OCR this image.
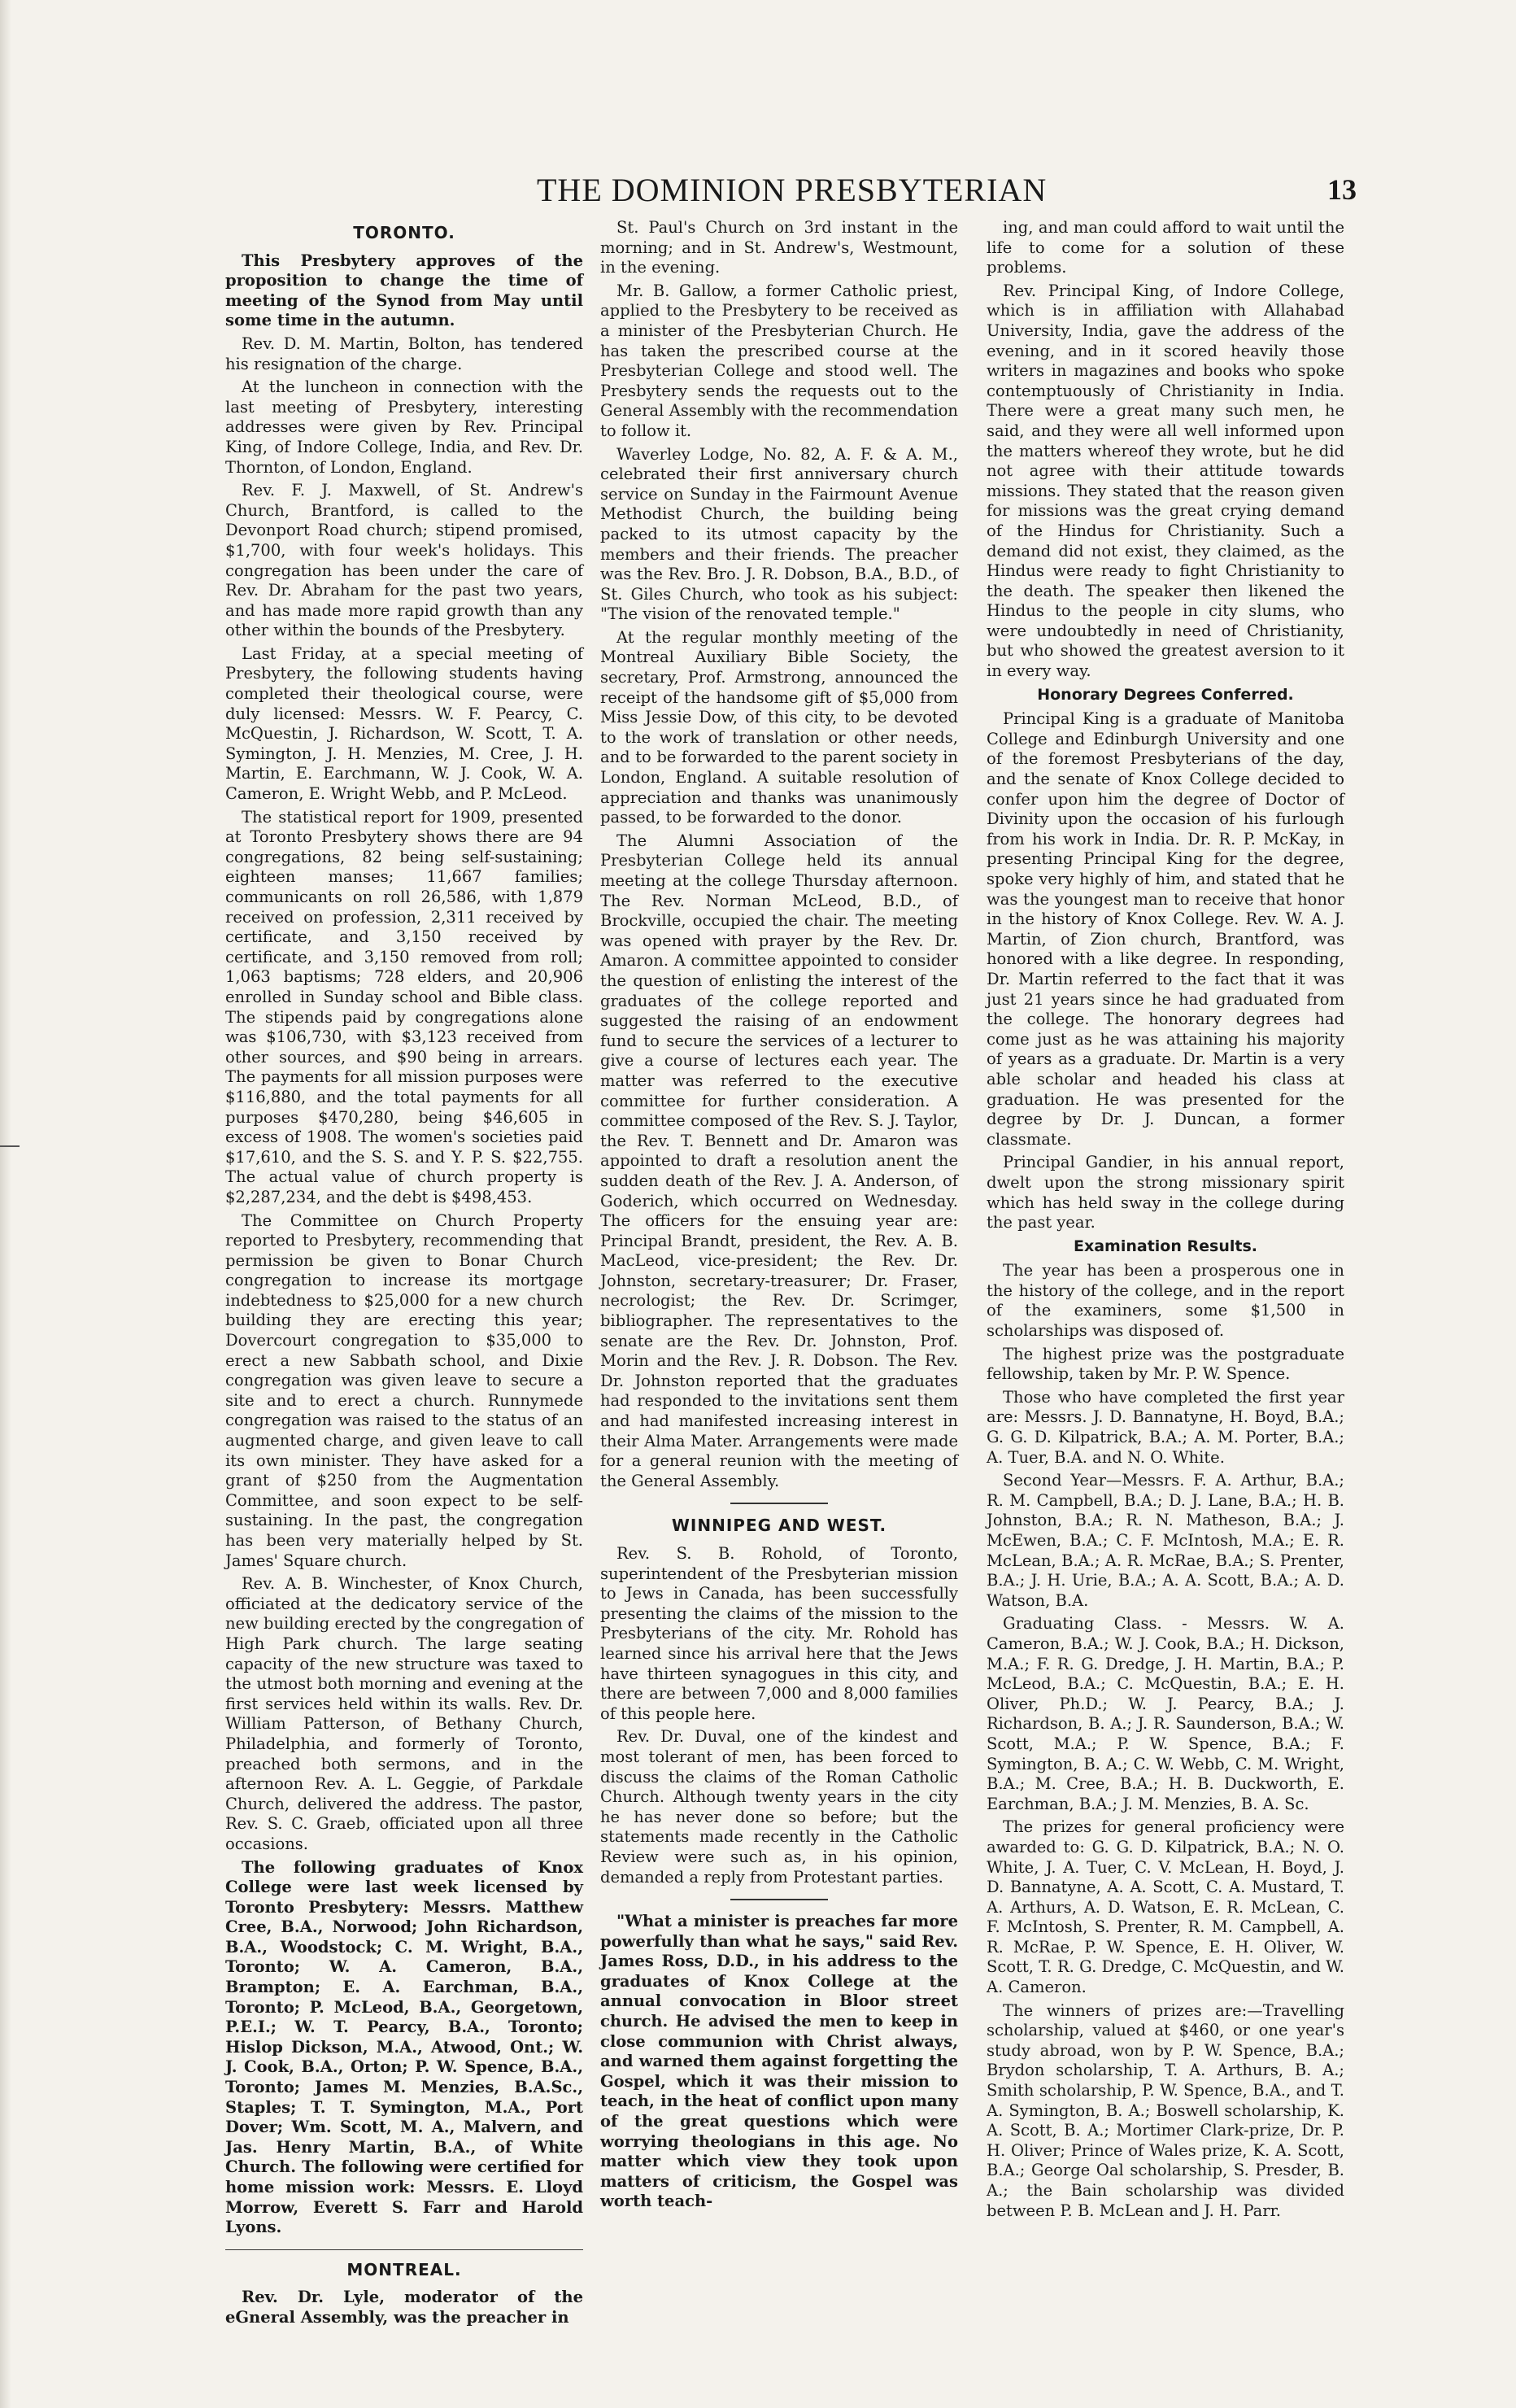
THE DOMINION PRESBYTERIAN	13
TORONTO.

This Presbytery approves of the proposition to change the time of meeting of the Synod from May until some time in the autumn.

Rev. D. M. Martin, Bolton, has tendered his resignation of the charge.

At the luncheon in connection with the last meeting of Presbytery, interesting addresses were given by Rev. Principal King, of Indore College, India, and Rev. Dr. Thornton, of London, England.

Rev. F. J. Maxwell, of St. Andrew's Church, Brantford, is called to the Devonport Road church; stipend promised, $1,700, with four week's holidays. This congregation has been under the care of Rev. Dr. Abraham for the past two years, and has made more rapid growth than any other within the bounds of the Presbytery.

Last Friday, at a special meeting of Presbytery, the following students having completed their theological course, were duly licensed: Messrs. W. F. Pearcy, C. McQuestin, J. Richardson, W. Scott, T. A. Symington, J. H. Menzies, M. Cree, J. H. Martin, E. Earchmann, W. J. Cook, W. A. Cameron, E. Wright Webb, and P. McLeod.

The statistical report for 1909, presented at Toronto Presbytery shows there are 94 congregations, 82 being self-sustaining; eighteen manses; 11,667 families; communicants on roll 26,586, with 1,879 received on profession, 2,311 received by certificate, and 3,150 received by certificate, and 3,150 removed from roll; 1,063 baptisms; 728 elders, and 20,906 enrolled in Sunday school and Bible class. The stipends paid by congregations alone was $106,730, with $3,123 received from other sources, and $90 being in arrears. The payments for all mission purposes were $116,880, and the total payments for all purposes $470,280, being $46,605 in excess of 1908. The women's societies paid $17,610, and the S. S. and Y. P. S. $22,755. The actual value of church property is $2,287,234, and the debt is $498,453.

The Committee on Church Property reported to Presbytery, recommending that permission be given to Bonar Church congregation to increase its mortgage indebtedness to $25,000 for a new church building they are erecting this year; Dovercourt congregation to $35,000 to erect a new Sabbath school, and Dixie congregation was given leave to secure a site and to erect a church. Runnymede congregation was raised to the status of an augmented charge, and given leave to call its own minister. They have asked for a grant of $250 from the Augmentation Committee, and soon expect to be self-sustaining. In the past, the congregation has been very materially helped by St. James' Square church.

Rev. A. B. Winchester, of Knox Church, officiated at the dedicatory service of the new building erected by the congregation of High Park church. The large seating capacity of the new structure was taxed to the utmost both morning and evening at the first services held within its walls. Rev. Dr. William Patterson, of Bethany Church, Philadelphia, and formerly of Toronto, preached both sermons, and in the afternoon Rev. A. L. Geggie, of Parkdale Church, delivered the address. The pastor, Rev. S. C. Graeb, officiated upon all three occasions.

The following graduates of Knox College were last week licensed by Toronto Presbytery: Messrs. Matthew Cree, B.A., Norwood; John Richardson, B.A., Woodstock; C. M. Wright, B.A., Toronto; W. A. Cameron, B.A., Brampton; E. A. Earchman, B.A., Toronto; P. McLeod, B.A., Georgetown, P.E.I.; W. T. Pearcy, B.A., Toronto; Hislop Dickson, M.A., Atwood, Ont.; W. J. Cook, B.A., Orton; P. W. Spence, B.A., Toronto; James M. Menzies, B.A.Sc., Staples; T. T. Symington, M.A., Port Dover; Wm. Scott, M. A., Malvern, and Jas. Henry Martin, B.A., of White Church. The following were certified for home mission work: Messrs. E. Lloyd Morrow, Everett S. Farr and Harold Lyons.

MONTREAL.

Rev. Dr. Lyle, moderator of the eGneral Assembly, was the preacher in

St. Paul's Church on 3rd instant in the morning; and in St. Andrew's, Westmount, in the evening.

Mr. B. Gallow, a former Catholic priest, applied to the Presbytery to be received as a minister of the Presbyterian Church. He has taken the prescribed course at the Presbyterian College and stood well. The Presbytery sends the requests out to the General Assembly with the recommendation to follow it.

Waverley Lodge, No. 82, A. F. & A. M., celebrated their first anniversary church service on Sunday in the Fairmount Avenue Methodist Church, the building being packed to its utmost capacity by the members and their friends. The preacher was the Rev. Bro. J. R. Dobson, B.A., B.D., of St. Giles Church, who took as his subject: "The vision of the renovated temple."

At the regular monthly meeting of the Montreal Auxiliary Bible Society, the secretary, Prof. Armstrong, announced the receipt of the handsome gift of $5,000 from Miss Jessie Dow, of this city, to be devoted to the work of translation or other needs, and to be forwarded to the parent society in London, England. A suitable resolution of appreciation and thanks was unanimously passed, to be forwarded to the donor.

The Alumni Association of the Presbyterian College held its annual meeting at the college Thursday afternoon. The Rev. Norman McLeod, B.D., of Brockville, occupied the chair. The meeting was opened with prayer by the Rev. Dr. Amaron. A committee appointed to consider the question of enlisting the interest of the graduates of the college reported and suggested the raising of an endowment fund to secure the services of a lecturer to give a course of lectures each year. The matter was referred to the executive committee for further consideration. A committee composed of the Rev. S. J. Taylor, the Rev. T. Bennett and Dr. Amaron was appointed to draft a resolution anent the sudden death of the Rev. J. A. Anderson, of Goderich, which occurred on Wednesday. The officers for the ensuing year are: Principal Brandt, president, the Rev. A. B. MacLeod, vice-president; the Rev. Dr. Johnston, secretary-treasurer; Dr. Fraser, necrologist; the Rev. Dr. Scrimger, bibliographer. The representatives to the senate are the Rev. Dr. Johnston, Prof. Morin and the Rev. J. R. Dobson. The Rev. Dr. Johnston reported that the graduates had responded to the invitations sent them and had manifested increasing interest in their Alma Mater. Arrangements were made for a general reunion with the meeting of the General Assembly.

WINNIPEG AND WEST.

Rev. S. B. Rohold, of Toronto, superintendent of the Presbyterian mission to Jews in Canada, has been successfully presenting the claims of the mission to the Presbyterians of the city. Mr. Rohold has learned since his arrival here that the Jews have thirteen synagogues in this city, and there are between 7,000 and 8,000 families of this people here.

Rev. Dr. Duval, one of the kindest and most tolerant of men, has been forced to discuss the claims of the Roman Catholic Church. Although twenty years in the city he has never done so before; but the statements made recently in the Catholic Review were such as, in his opinion, demanded a reply from Protestant parties.

"What a minister is preaches far more powerfully than what he says," said Rev. James Ross, D.D., in his address to the graduates of Knox College at the annual convocation in Bloor street church. He advised the men to keep in close communion with Christ always, and warned them against forgetting the Gospel, which it was their mission to teach, in the heat of conflict upon many of the great questions which were worrying theologians in this age. No matter which view they took upon matters of criticism, the Gospel was worth teach-

ing, and man could afford to wait until the life to come for a solution of these problems.

Rev. Principal King, of Indore College, which is in affiliation with Allahabad University, India, gave the address of the evening, and in it scored heavily those writers in magazines and books who spoke contemptuously of Christianity in India. There were a great many such men, he said, and they were all well informed upon the matters whereof they wrote, but he did not agree with their attitude towards missions. They stated that the reason given for missions was the great crying demand of the Hindus for Christianity. Such a demand did not exist, they claimed, as the Hindus were ready to fight Christianity to the death. The speaker then likened the Hindus to the people in city slums, who were undoubtedly in need of Christianity, but who showed the greatest aversion to it in every way.

Honorary Degrees Conferred.

Principal King is a graduate of Manitoba College and Edinburgh University and one of the foremost Presbyterians of the day, and the senate of Knox College decided to confer upon him the degree of Doctor of Divinity upon the occasion of his furlough from his work in India. Dr. R. P. McKay, in presenting Principal King for the degree, spoke very highly of him, and stated that he was the youngest man to receive that honor in the history of Knox College. Rev. W. A. J. Martin, of Zion church, Brantford, was honored with a like degree. In responding, Dr. Martin referred to the fact that it was just 21 years since he had graduated from the college. The honorary degrees had come just as he was attaining his majority of years as a graduate. Dr. Martin is a very able scholar and headed his class at graduation. He was presented for the degree by Dr. J. Duncan, a former classmate.

Principal Gandier, in his annual report, dwelt upon the strong missionary spirit which has held sway in the college during the past year.

Examination Results.

The year has been a prosperous one in the history of the college, and in the report of the examiners, some $1,500 in scholarships was disposed of.

The highest prize was the postgraduate fellowship, taken by Mr. P. W. Spence.

Those who have completed the first year are: Messrs. J. D. Bannatyne, H. Boyd, B.A.; G. G. D. Kilpatrick, B.A.; A. M. Porter, B.A.; A. Tuer, B.A. and N. O. White.

Second Year—Messrs. F. A. Arthur, B.A.; R. M. Campbell, B.A.; D. J. Lane, B.A.; H. B. Johnston, B.A.; R. N. Matheson, B.A.; J. McEwen, B.A.; C. F. McIntosh, M.A.; E. R. McLean, B.A.; A. R. McRae, B.A.; S. Prenter, B.A.; J. H. Urie, B.A.; A. A. Scott, B.A.; A. D. Watson, B.A.

Graduating Class. - Messrs. W. A. Cameron, B.A.; W. J. Cook, B.A.; H. Dickson, M.A.; F. R. G. Dredge, J. H. Martin, B.A.; P. McLeod, B.A.; C. McQuestin, B.A.; E. H. Oliver, Ph.D.; W. J. Pearcy, B.A.; J. Richardson, B. A.; J. R. Saunderson, B.A.; W. Scott, M.A.; P. W. Spence, B.A.; F. Symington, B. A.; C. W. Webb, C. M. Wright, B.A.; M. Cree, B.A.; H. B. Duckworth, E. Earchman, B.A.; J. M. Menzies, B. A. Sc.

The prizes for general proficiency were awarded to: G. G. D. Kilpatrick, B.A.; N. O. White, J. A. Tuer, C. V. McLean, H. Boyd, J. D. Bannatyne, A. A. Scott, C. A. Mustard, T. A. Arthurs, A. D. Watson, E. R. McLean, C. F. McIntosh, S. Prenter, R. M. Campbell, A. R. McRae, P. W. Spence, E. H. Oliver, W. Scott, T. R. G. Dredge, C. McQuestin, and W. A. Cameron.

The winners of prizes are:—Travelling scholarship, valued at $460, or one year's study abroad, won by P. W. Spence, B.A.; Brydon scholarship, T. A. Arthurs, B. A.; Smith scholarship, P. W. Spence, B.A., and T. A. Symington, B. A.; Boswell scholarship, K. A. Scott, B. A.; Mortimer Clark-prize, Dr. P. H. Oliver; Prince of Wales prize, K. A. Scott, B.A.; George Oal scholarship, S. Presder, B. A.; the Bain scholarship was divided between P. B. McLean and J. H. Parr.
